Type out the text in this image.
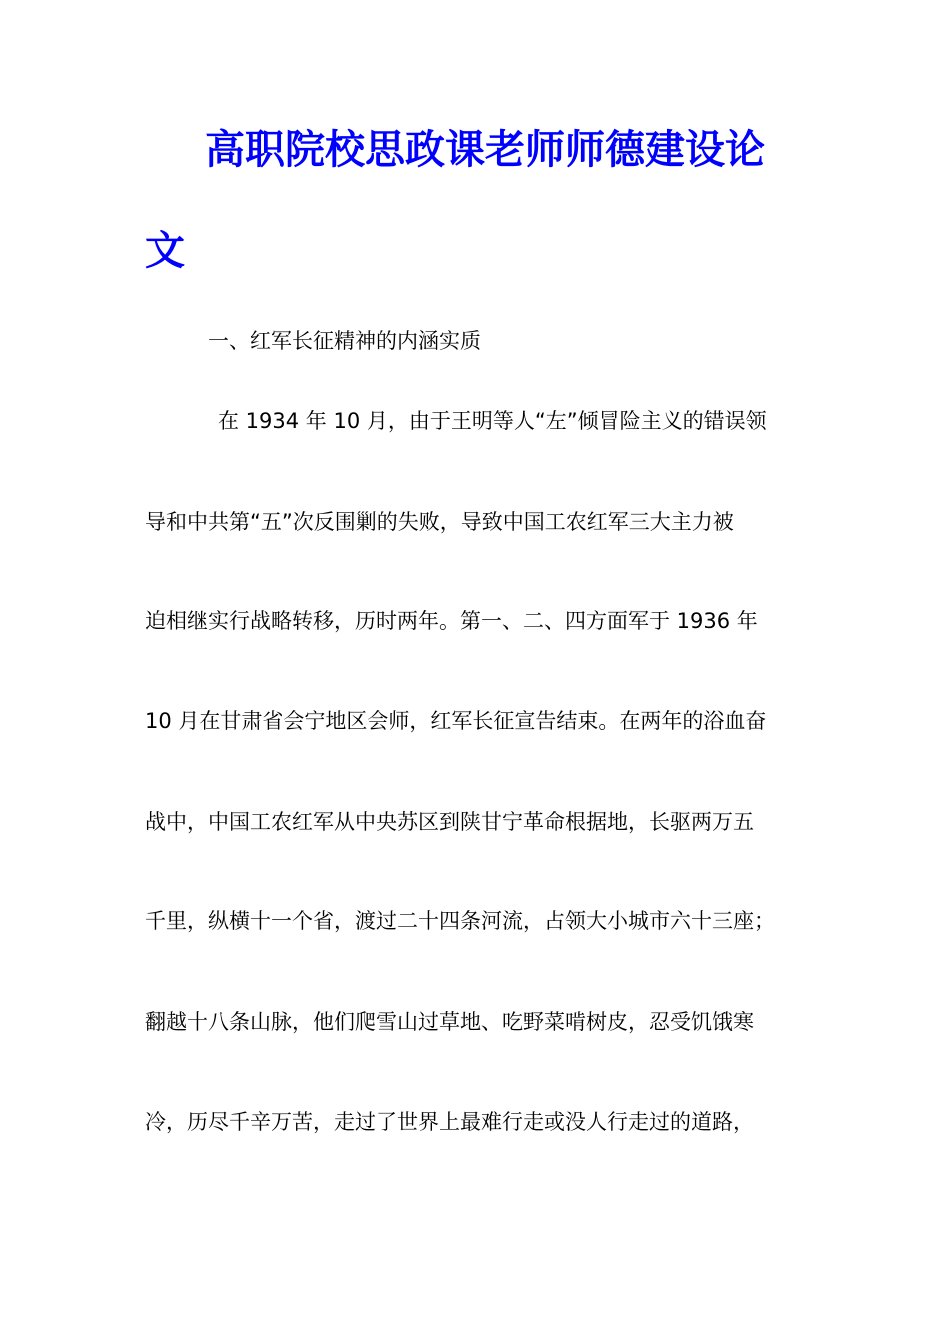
高职院校思政课老师师德建设论
文
一、红军长征精神的内涵实质
在 1934 年 10 月，由于王明等人“左”倾冒险主义的错误领
导和中共第“五”次反围剿的失败，导致中国工农红军三大主力被
迫相继实行战略转移，历时两年。第一、二、四方面军于 1936 年
10 月在甘肃省会宁地区会师，红军长征宣告结束。在两年的浴血奋
战中，中国工农红军从中央苏区到陕甘宁革命根据地，长驱两万五
千里，纵横十一个省，渡过二十四条河流，占领大小城市六十三座；
翻越十八条山脉，他们爬雪山过草地、吃野菜啃树皮，忍受饥饿寒
冷，历尽千辛万苦，走过了世界上最难行走或没人行走过的道路，
